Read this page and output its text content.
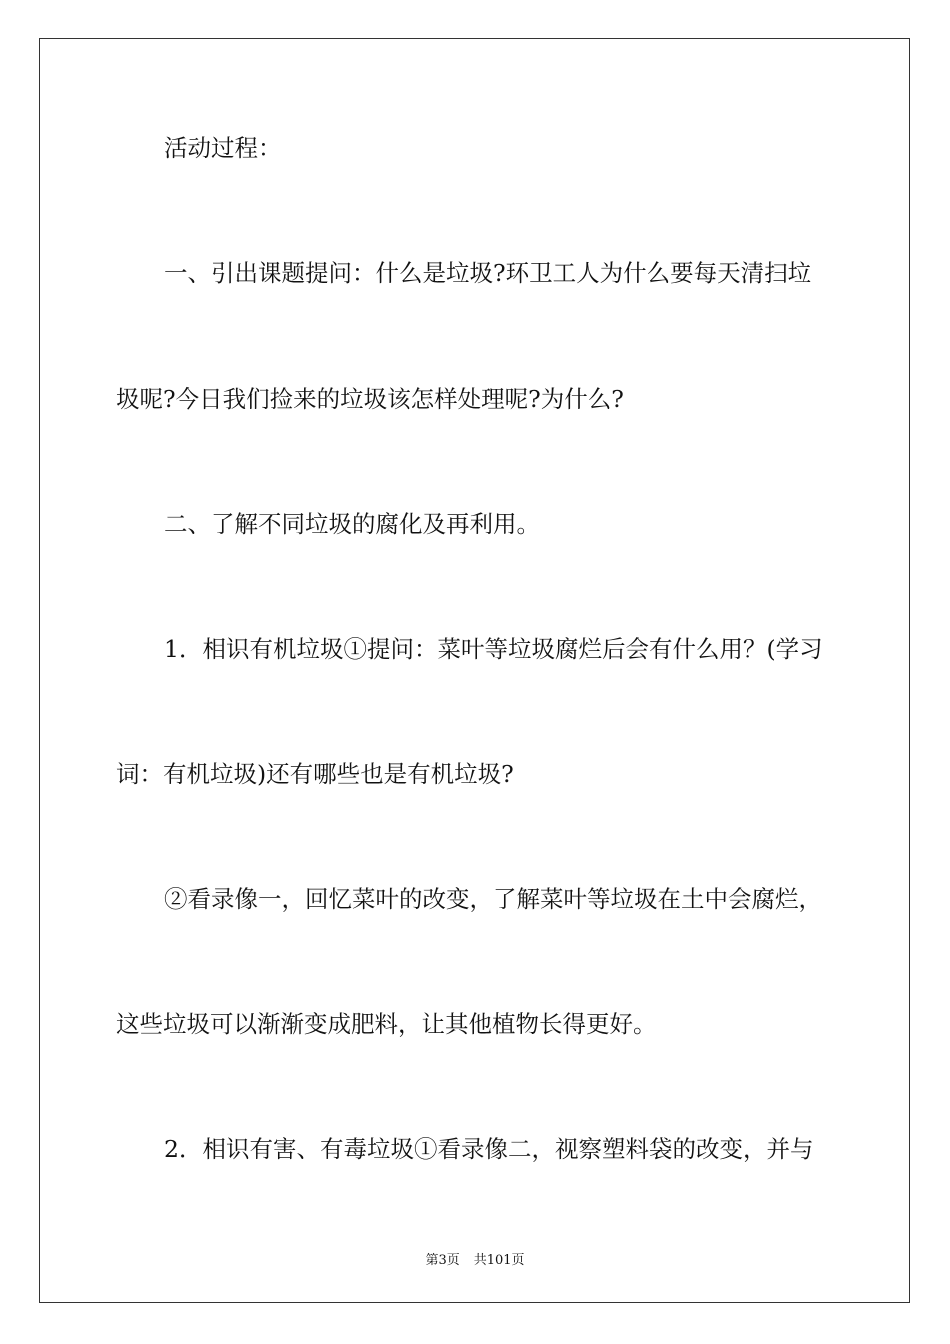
活动过程：

一、引出课题提问：什么是垃圾?环卫工人为什么要每天清扫垃

圾呢?今日我们捡来的垃圾该怎样处理呢?为什么?

二、了解不同垃圾的腐化及再利用。

1．相识有机垃圾①提问：菜叶等垃圾腐烂后会有什么用？(学习

词：有机垃圾)还有哪些也是有机垃圾?

②看录像一，回忆菜叶的改变，了解菜叶等垃圾在土中会腐烂，

这些垃圾可以渐渐变成肥料，让其他植物长得更好。

2．相识有害、有毒垃圾①看录像二，视察塑料袋的改变，并与

第3页 共101页
